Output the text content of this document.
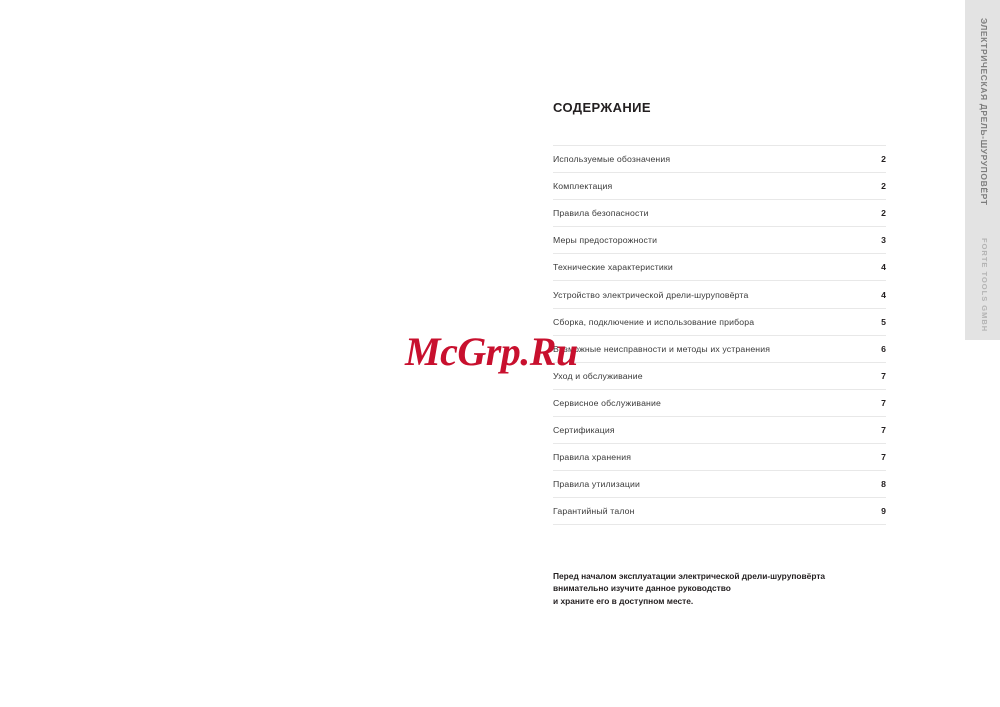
ЭЛЕКТРИЧЕСКАЯ ДРЕЛЬ-ШУРУПОВЁРТ
FORTE TOOLS GMBH
СОДЕРЖАНИЕ
Используемые обозначения	2
Комплектация	2
Правила безопасности	2
Меры предосторожности	3
Технические характеристики	4
Устройство электрической дрели-шуруповёрта	4
Сборка, подключение и использование прибора	5
Возможные неисправности и методы их устранения	6
Уход и обслуживание	7
Сервисное обслуживание	7
Сертификация	7
Правила хранения	7
Правила утилизации	8
Гарантийный талон	9
Перед началом эксплуатации электрической дрели-шуруповёрта
внимательно изучите данное руководство
и храните его в доступном месте.
McGrp.Ru
